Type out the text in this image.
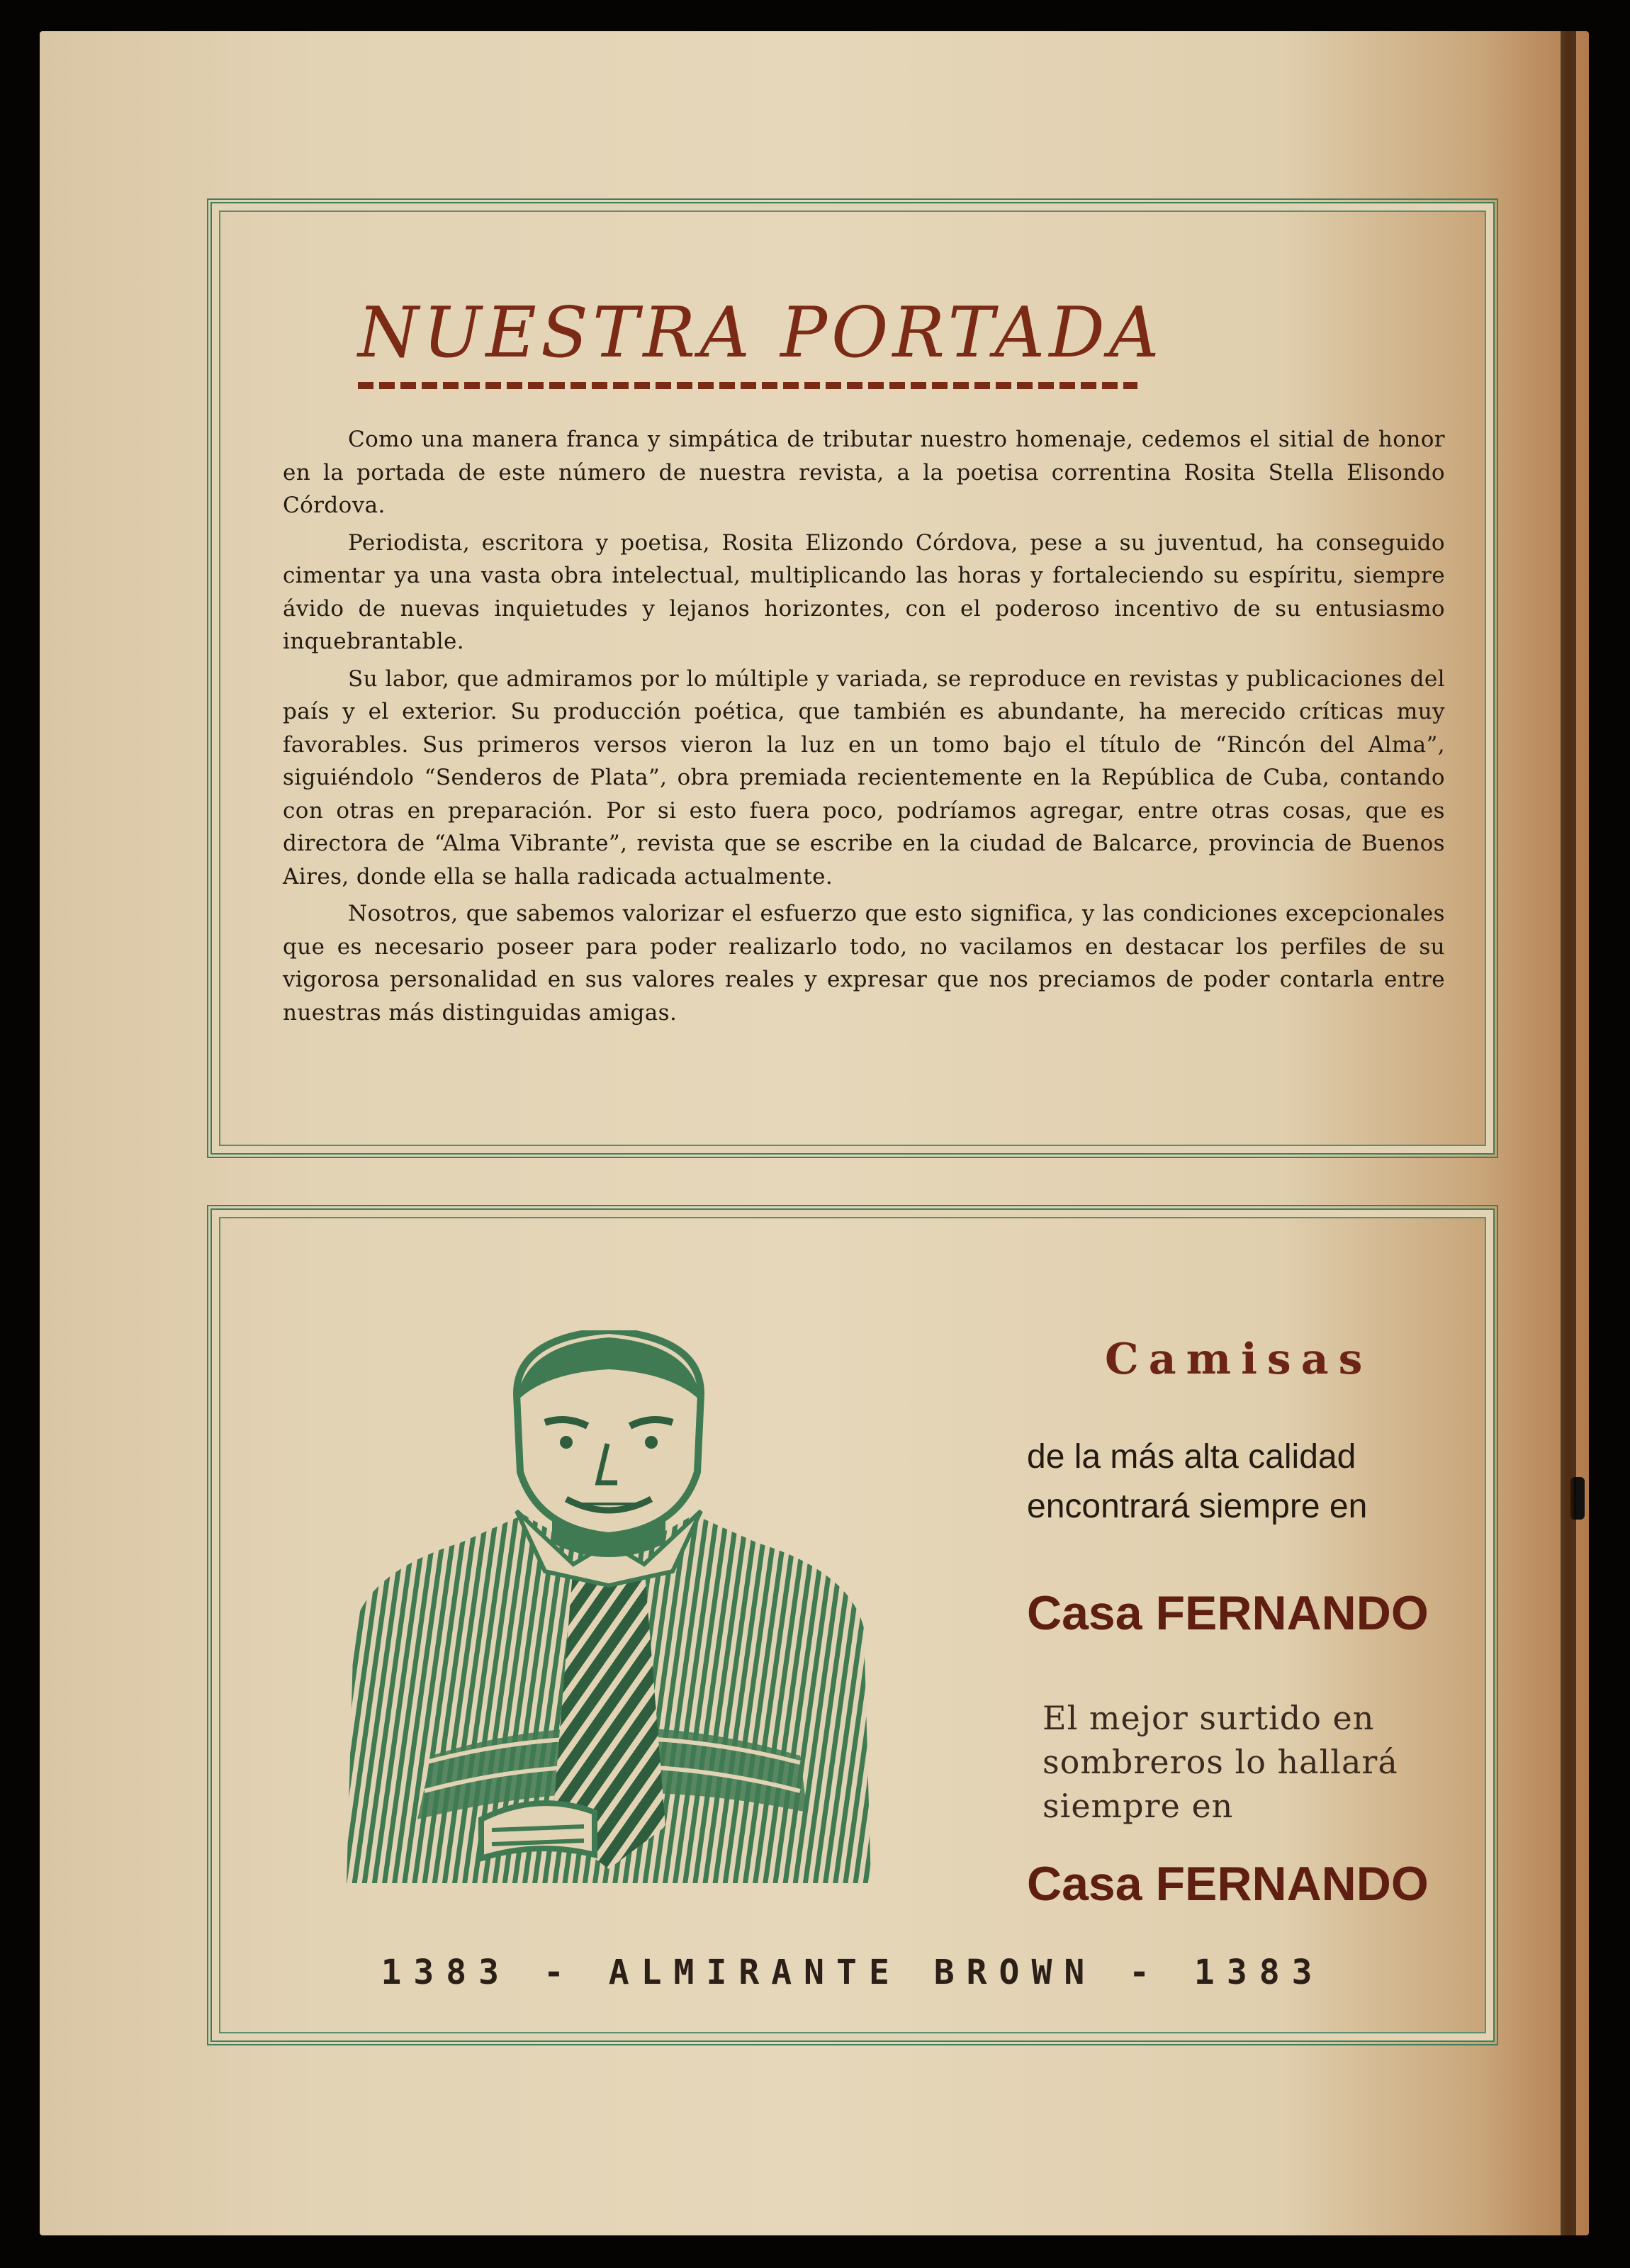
NUESTRA PORTADA

Como una manera franca y simpática de tributar nuestro homenaje, cedemos el sitial de honor en la portada de este número de nuestra revista, a la poetisa correntina Rosita Stella Elisondo Córdova.

Periodista, escritora y poetisa, Rosita Elizondo Córdova, pese a su juventud, ha conseguido cimentar ya una vasta obra intelectual, multiplicando las horas y fortaleciendo su espíritu, siempre ávido de nuevas inquietudes y lejanos horizontes, con el poderoso incentivo de su entusiasmo inquebrantable.

Su labor, que admiramos por lo múltiple y variada, se reproduce en revistas y publicaciones del país y el exterior. Su producción poética, que también es abundante, ha merecido críticas muy favorables. Sus primeros versos vieron la luz en un tomo bajo el título de “Rincón del Alma”, siguiéndolo “Senderos de Plata”, obra premiada recientemente en la República de Cuba, contando con otras en preparación. Por si esto fuera poco, podríamos agregar, entre otras cosas, que es directora de “Alma Vibrante”, revista que se escribe en la ciudad de Balcarce, provincia de Buenos Aires, donde ella se halla radicada actualmente.

Nosotros, que sabemos valorizar el esfuerzo que esto significa, y las condiciones excepcionales que es necesario poseer para poder realizarlo todo, no vacilamos en destacar los perfiles de su vigorosa personalidad en sus valores reales y expresar que nos preciamos de poder contarla entre nuestras más distinguidas amigas.

Camisas
de la más alta calidad encontrará siempre en
Casa FERNANDO
El mejor surtido en sombreros lo hallará siempre en
Casa FERNANDO
1383 - ALMIRANTE BROWN - 1383
